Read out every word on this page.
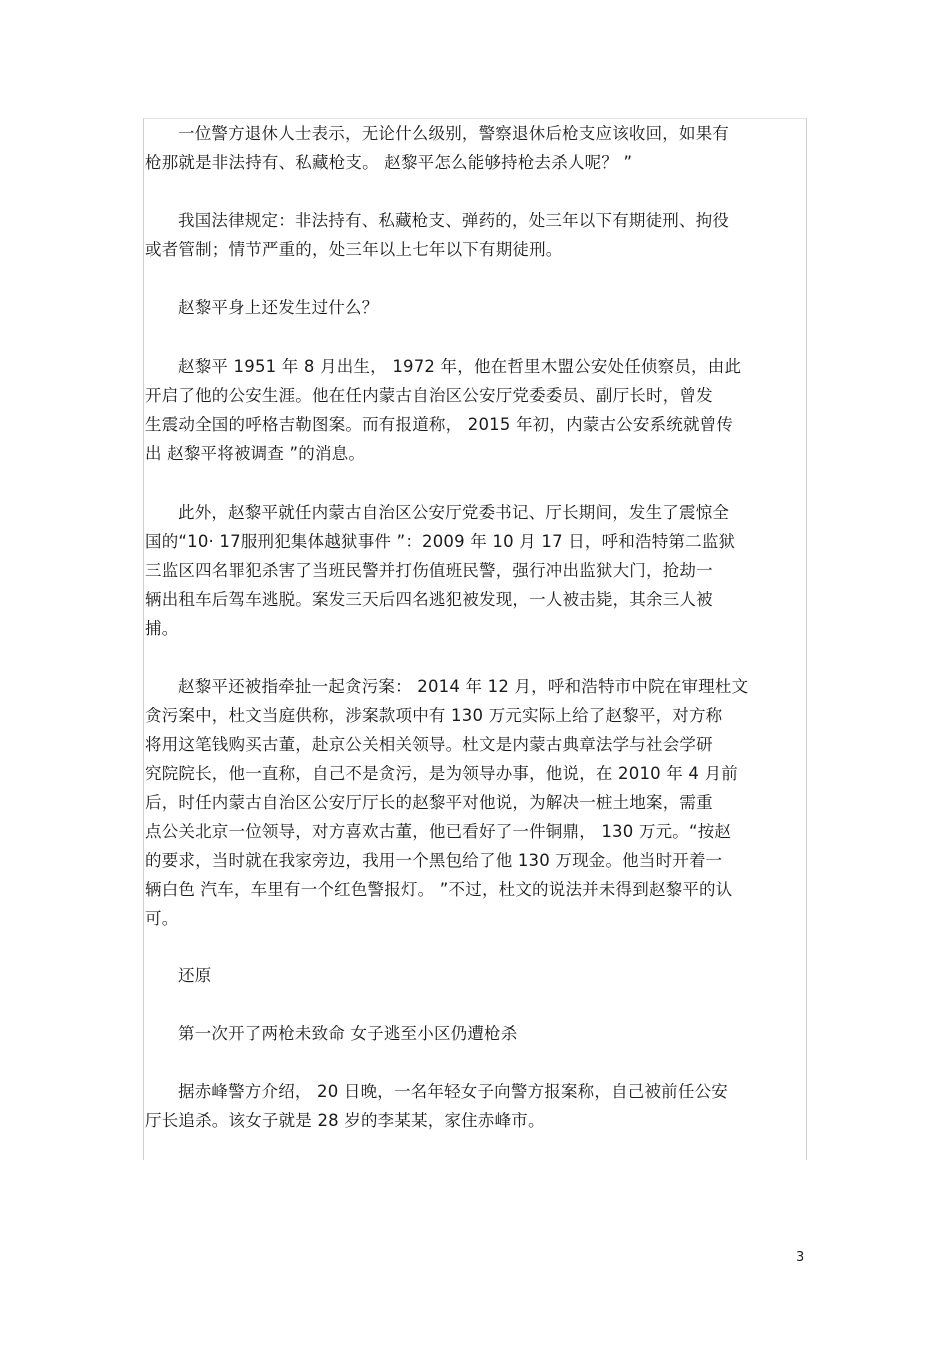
一位警方退休人士表示，无论什么级别，警察退休后枪支应该收回，如果有
枪那就是非法持有、私藏枪支。 赵黎平怎么能够持枪去杀人呢？ ”
我国法律规定：非法持有、私藏枪支、弹药的，处三年以下有期徒刑、拘役
或者管制；情节严重的，处三年以上七年以下有期徒刑。
赵黎平身上还发生过什么？
赵黎平 1951 年 8 月出生， 1972 年，他在哲里木盟公安处任侦察员，由此
开启了他的公安生涯。他在任内蒙古自治区公安厅党委委员、副厅长时，曾发
生震动全国的呼格吉勒图案。而有报道称， 2015 年初，内蒙古公安系统就曾传
出 赵黎平将被调查 ”的消息。
此外，赵黎平就任内蒙古自治区公安厅党委书记、厅长期间，发生了震惊全
国的“10· 17服刑犯集体越狱事件 ”：2009 年 10 月 17 日，呼和浩特第二监狱
三监区四名罪犯杀害了当班民警并打伤值班民警，强行冲出监狱大门，抢劫一
辆出租车后驾车逃脱。案发三天后四名逃犯被发现，一人被击毙，其余三人被
捕。
赵黎平还被指牵扯一起贪污案： 2014 年 12 月，呼和浩特市中院在审理杜文
贪污案中，杜文当庭供称，涉案款项中有 130 万元实际上给了赵黎平，对方称
将用这笔钱购买古董，赴京公关相关领导。杜文是内蒙古典章法学与社会学研
究院院长，他一直称，自己不是贪污，是为领导办事，他说，在 2010 年 4 月前
后，时任内蒙古自治区公安厅厅长的赵黎平对他说，为解决一桩土地案，需重
点公关北京一位领导，对方喜欢古董，他已看好了一件铜鼎， 130 万元。“按赵
的要求，当时就在我家旁边，我用一个黑包给了他 130 万现金。他当时开着一
辆白色 汽车，车里有一个红色警报灯。 ”不过，杜文的说法并未得到赵黎平的认
可。
还原
第一次开了两枪未致命 女子逃至小区仍遭枪杀
据赤峰警方介绍， 20 日晚，一名年轻女子向警方报案称，自己被前任公安
厅长追杀。该女子就是 28 岁的李某某，家住赤峰市。
3
